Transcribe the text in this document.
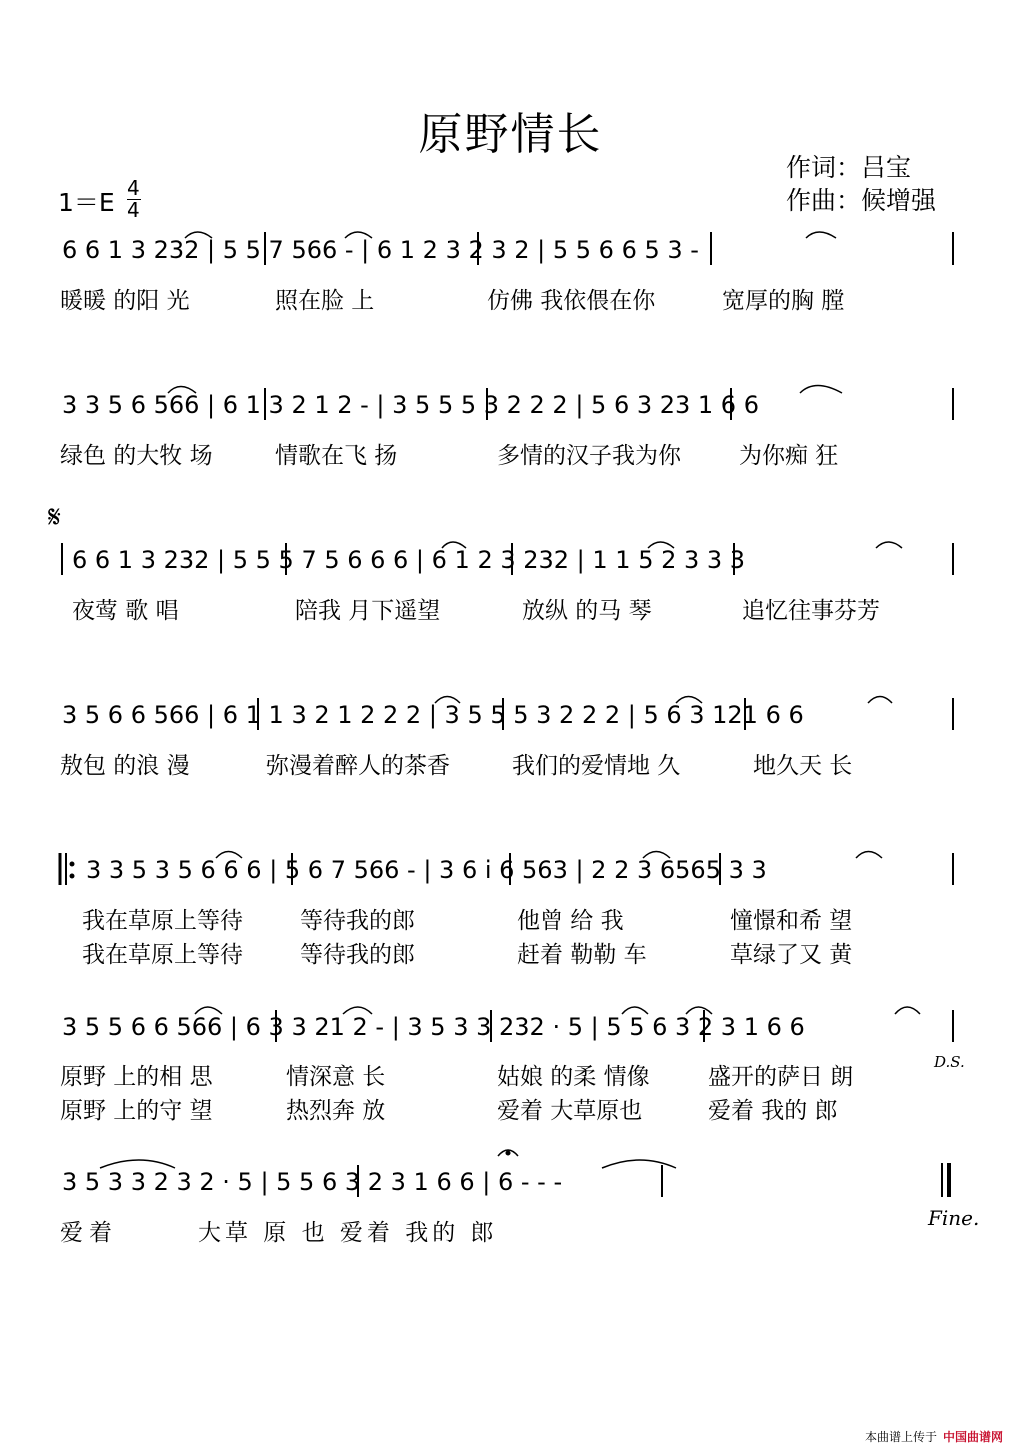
原野情长
作词：吕宝
作曲：候增强
1＝E 4
4
6 6 1 3 232 | 5 5 7 566 - | 6 1 2 3 2 3 2 | 5 5 6 6 5 3 -
3 3 5 6 566 | 6 1 3 2 1 2 - | 3 5 5 5 3 2 2 2 | 5 6 3 23 1 6 6
6 6 1 3 232 | 5 5 5 7 5 6 6 6 | 6 1 2 3 232 | 1 1 5 2 3 3 3
3 5 6 6 566 | 6 1 1 3 2 1 2 2 2 | 3 5 5 5 3 2 2 2 | 5 6 3 121 6 6
3 3 5 3 5 6 6 6 | 5 6 7 566 - | 3 6 i 6 563 | 2 2 3 6565 3 3
3 5 5 6 6 566 | 6 3 3 21 2 - | 3 5 3 3 232 · 5 | 5 5 6 3 2 3 1 6 6
3 5 3 3 2 3 2 · 5 | 5 5 6 3 2 3 1 6 6 | 6 - - -
𝄋
D.S.
Fine.
暖暖 的阳 光	照在脸 上	仿佛 我依偎在你	宽厚的胸 膛
绿色 的大牧 场	情歌在飞 扬	多情的汉子我为你	为你痴 狂
夜莺 歌 唱	陪我 月下遥望	放纵 的马 琴	追忆往事芬芳
敖包 的浪 漫	弥漫着醉人的茶香	我们的爱情地 久	地久天 长
我在草原上等待 等待我的郎	他曾 给 我	憧憬和希 望
我在草原上等待 等待我的郎	赶着 勒勒 车	草绿了又 黄
原野 上的相 思	情深意 长	姑娘 的柔 情像	盛开的萨日 朗
原野 上的守 望	热烈奔 放	爱着 大草原也	爱着 我的 郎
爱着	大草 原 也 爱着 我的 郎
本曲谱上传于 中国曲谱网
